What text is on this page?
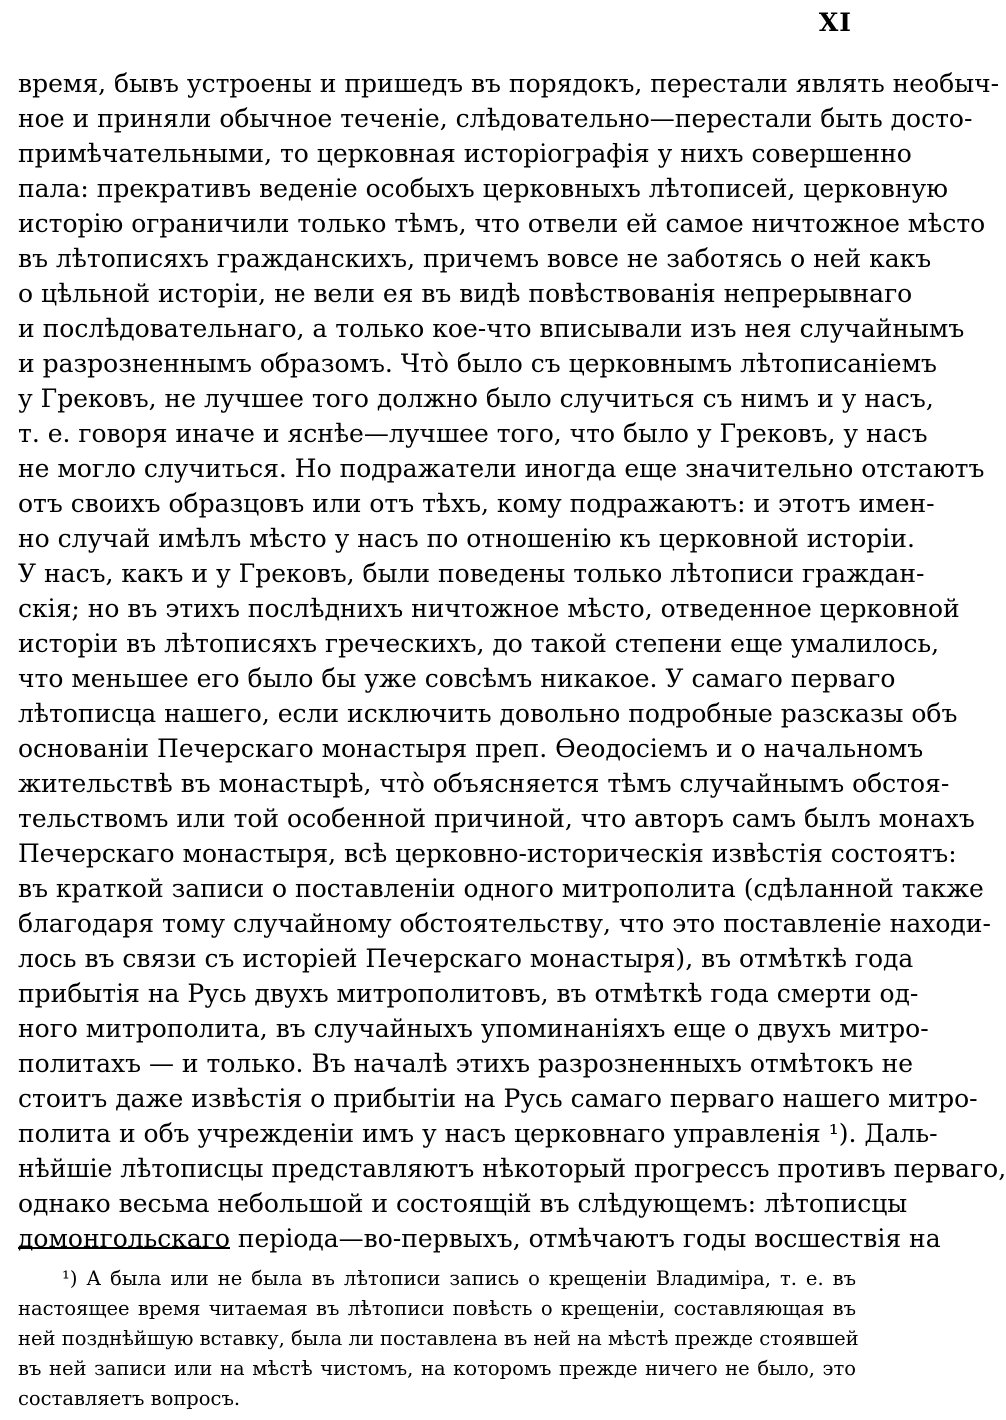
XI
время, бывъ устроены и пришедъ въ порядокъ, перестали являть необыч-
ное и приняли обычное теченіе, слѣдовательно—перестали быть досто-
примѣчательными, то церковная исторіографія у нихъ совершенно
пала: прекративъ веденіе особыхъ церковныхъ лѣтописей, церковную
исторію ограничили только тѣмъ, что отвели ей самое ничтожное мѣсто
въ лѣтописяхъ гражданскихъ, причемъ вовсе не заботясь о ней какъ
о цѣльной исторіи, не вели ея въ видѣ повѣствованія непрерывнаго
и послѣдовательнаго, а только кое-что вписывали изъ нея случайнымъ
и разрозненнымъ образомъ. Что̀ было съ церковнымъ лѣтописаніемъ
у Грековъ, не лучшее того должно было случиться съ нимъ и у насъ,
т. е. говоря иначе и яснѣе—лучшее того, что было у Грековъ, у насъ
не могло случиться. Но подражатели иногда еще значительно отстаютъ
отъ своихъ образцовъ или отъ тѣхъ, кому подражаютъ: и этотъ имен-
но случай имѣлъ мѣсто у насъ по отношенію къ церковной исторіи.
У насъ, какъ и у Грековъ, были поведены только лѣтописи граждан-
скія; но въ этихъ послѣднихъ ничтожное мѣсто, отведенное церковной
исторіи въ лѣтописяхъ греческихъ, до такой степени еще умалилось,
что меньшее его было бы уже совсѣмъ никакое. У самаго перваго
лѣтописца нашего, если исключить довольно подробные разсказы объ
основаніи Печерскаго монастыря преп. Ѳеодосіемъ и о начальномъ
жительствѣ въ монастырѣ, что̀ объясняется тѣмъ случайнымъ обстоя-
тельствомъ или той особенной причиной, что авторъ самъ былъ монахъ
Печерскаго монастыря, всѣ церковно-историческія извѣстія состоятъ:
въ краткой записи о поставленіи одного митрополита (сдѣланной также
благодаря тому случайному обстоятельству, что это поставленіе находи-
лось въ связи съ исторіей Печерскаго монастыря), въ отмѣткѣ года
прибытія на Русь двухъ митрополитовъ, въ отмѣткѣ года смерти од-
ного митрополита, въ случайныхъ упоминаніяхъ еще о двухъ митро-
политахъ — и только. Въ началѣ этихъ разрозненныхъ отмѣтокъ не
стоитъ даже извѣстія о прибытіи на Русь самаго перваго нашего митро-
полита и объ учрежденіи имъ у насъ церковнаго управленія ¹). Даль-
нѣйшіе лѣтописцы представляютъ нѣкоторый прогрессъ противъ перваго,
однако весьма небольшой и состоящій въ слѣдующемъ: лѣтописцы
домонгольскаго періода—во-первыхъ, отмѣчаютъ годы восшествія на
¹) А была или не была въ лѣтописи запись о крещеніи Владиміра, т. е. въ
настоящее время читаемая въ лѣтописи повѣсть о крещеніи, составляющая въ
ней позднѣйшую вставку, была ли поставлена въ ней на мѣстѣ прежде стоявшей
въ ней записи или на мѣстѣ чистомъ, на которомъ прежде ничего не было, это
составляетъ вопросъ.
